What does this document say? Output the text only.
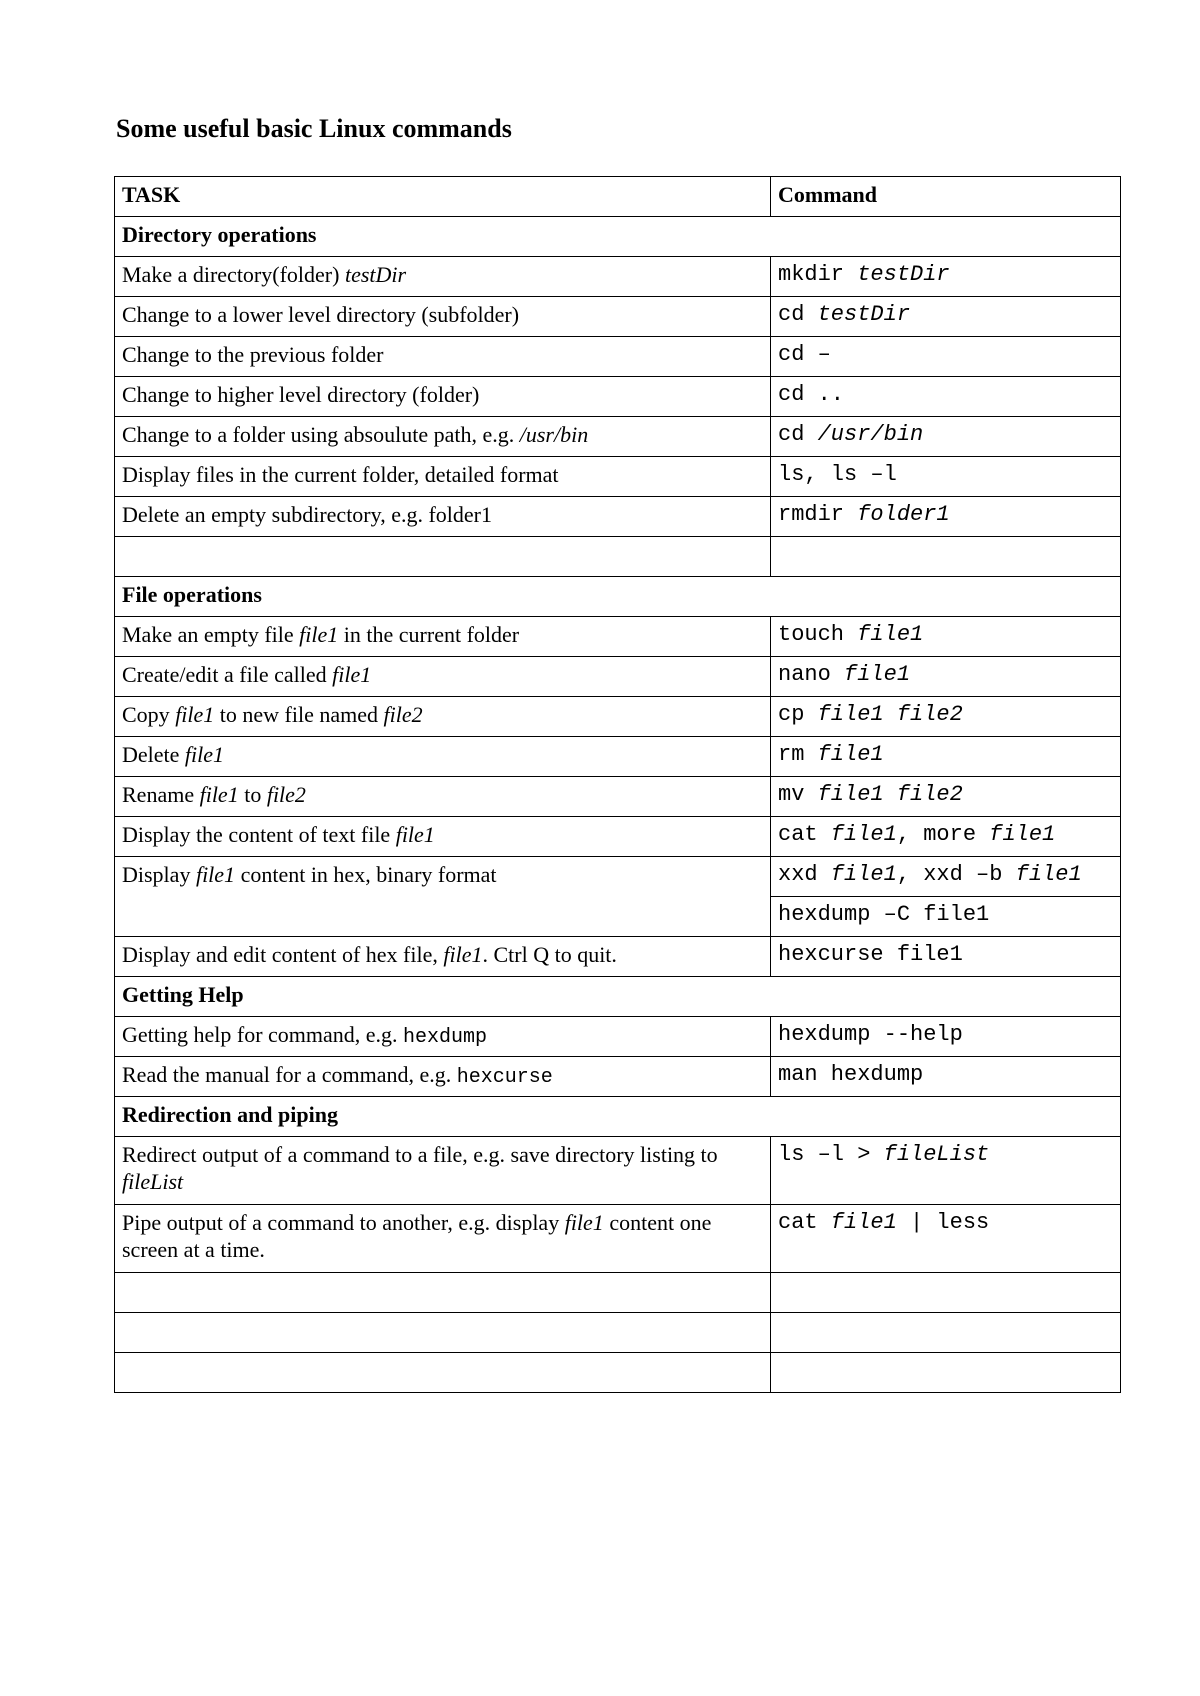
Some useful basic Linux commands
TASK	Command
Directory operations	
Make a directory(folder) testDir	mkdir testDir
Change to a lower level directory (subfolder)	cd testDir
Change to the previous folder	cd –
Change to higher level directory (folder)	cd ..
Change to a folder using absoulute path, e.g. /usr/bin	cd /usr/bin
Display files in the current folder, detailed format	ls, ls –l
Delete an empty subdirectory, e.g. folder1	rmdir folder1

File operations	
Make an empty file file1 in the current folder	touch file1
Create/edit a file called file1	nano file1
Copy file1 to new file named file2	cp file1 file2
Delete file1	rm file1
Rename file1 to file2	mv file1 file2
Display the content of text file file1	cat file1, more file1
Display file1 content in hex, binary format	xxd file1, xxd –b file1
hexdump –C file1

Display and edit content of hex file, file1. Ctrl Q to quit.	hexcurse file1
Getting Help	
Getting help for command, e.g. hexdump	hexdump --help
Read the manual for a command, e.g. hexcurse	man hexdump
Redirection and piping	
Redirect output of a command to a file, e.g. save directory listing to fileList	ls –l > fileList
Pipe output of a command to another, e.g. display file1 content one screen at a time.	cat file1 | less
